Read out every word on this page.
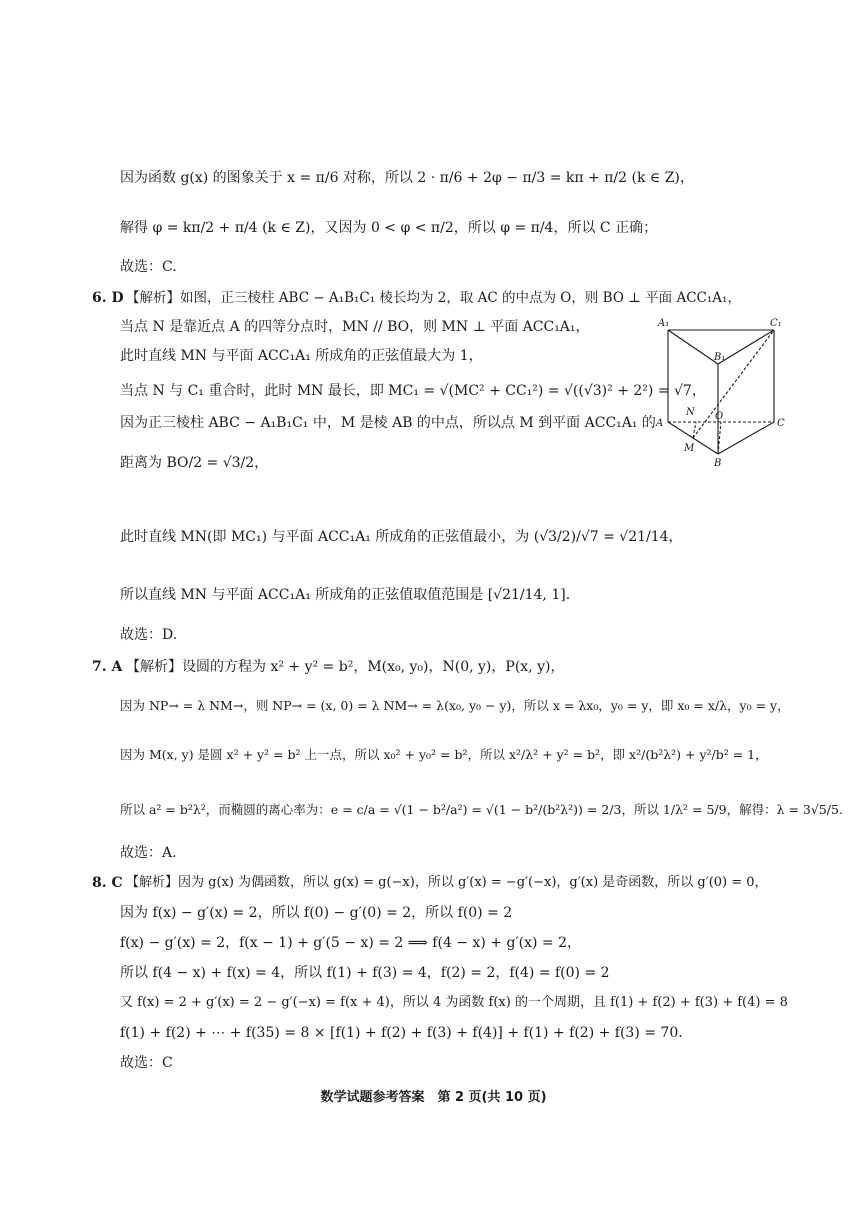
因为函数 g(x) 的图象关于 x = π/6 对称，所以 2 · π/6 + 2φ − π/3 = kπ + π/2 (k ∈ Z)，
解得 φ = kπ/2 + π/4 (k ∈ Z)，又因为 0 < φ < π/2，所以 φ = π/4，所以 C 正确；
故选：C.
6. D 【解析】如图，正三棱柱 ABC − A₁B₁C₁ 棱长均为 2，取 AC 的中点为 O，则 BO ⊥ 平面 ACC₁A₁，
当点 N 是靠近点 A 的四等分点时，MN // BO，则 MN ⊥ 平面 ACC₁A₁，
此时直线 MN 与平面 ACC₁A₁ 所成角的正弦值最大为 1，
当点 N 与 C₁ 重合时，此时 MN 最长，即 MC₁ = √(MC² + CC₁²) = √((√3)² + 2²) = √7，
因为正三棱柱 ABC − A₁B₁C₁ 中，M 是棱 AB 的中点，所以点 M 到平面 ACC₁A₁ 的
距离为 BO/2 = √3/2，
此时直线 MN(即 MC₁) 与平面 ACC₁A₁ 所成角的正弦值最小，为 (√3/2)/√7 = √21/14，
所以直线 MN 与平面 ACC₁A₁ 所成角的正弦值取值范围是 [√21/14, 1].
故选：D.
7. A 【解析】设圆的方程为 x² + y² = b²，M(x₀, y₀)，N(0, y)，P(x, y)，
因为 NP→ = λ NM→，则 NP→ = (x, 0) = λ NM→ = λ(x₀, y₀ − y)，所以 x = λx₀，y₀ = y，即 x₀ = x/λ，y₀ = y，
因为 M(x, y) 是圆 x² + y² = b² 上一点，所以 x₀² + y₀² = b²，所以 x²/λ² + y² = b²，即 x²/(b²λ²) + y²/b² = 1，
所以 a² = b²λ²，而椭圆的离心率为：e = c/a = √(1 − b²/a²) = √(1 − b²/(b²λ²)) = 2/3，所以 1/λ² = 5/9，解得：λ = 3√5/5.
故选：A.
8. C 【解析】因为 g(x) 为偶函数，所以 g(x) = g(−x)，所以 g′(x) = −g′(−x)，g′(x) 是奇函数，所以 g′(0) = 0，
因为 f(x) − g′(x) = 2，所以 f(0) − g′(0) = 2，所以 f(0) = 2
f(x) − g′(x) = 2，f(x − 1) + g′(5 − x) = 2 ⟹ f(4 − x) + g′(x) = 2，
所以 f(4 − x) + f(x) = 4，所以 f(1) + f(3) = 4，f(2) = 2，f(4) = f(0) = 2
又 f(x) = 2 + g′(x) = 2 − g′(−x) = f(x + 4)，所以 4 为函数 f(x) 的一个周期，且 f(1) + f(2) + f(3) + f(4) = 8
f(1) + f(2) + ⋯ + f(35) = 8 × [f(1) + f(2) + f(3) + f(4)] + f(1) + f(2) + f(3) = 70.
故选：C
A₁	C₁
B₁
A	C
B
N
M
O
数学试题参考答案　第 2 页(共 10 页)
